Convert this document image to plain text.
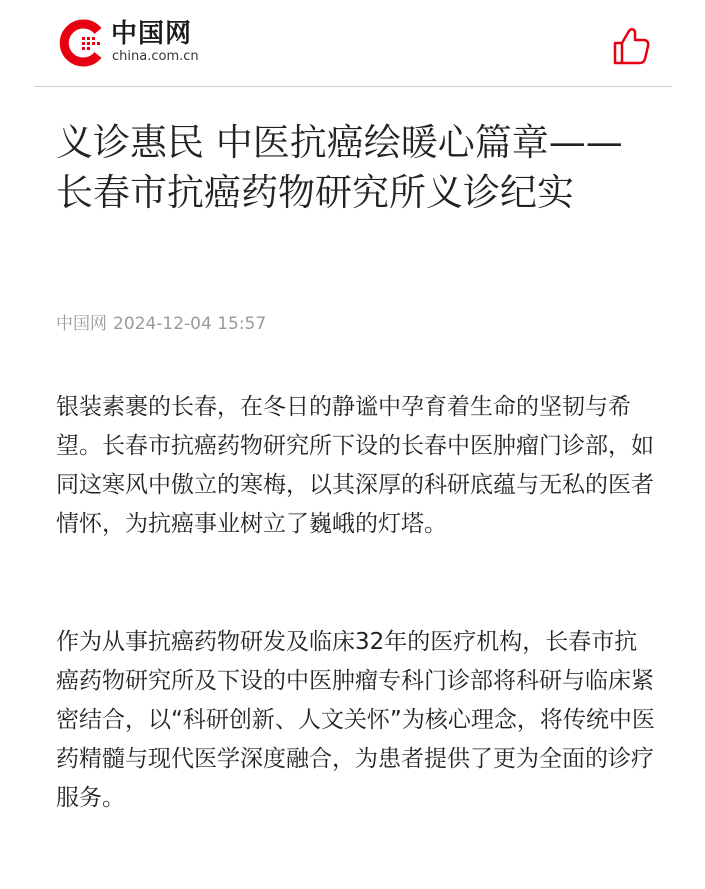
中国网
china.com.cn
义诊惠民 中医抗癌绘暖心篇章——长春市抗癌药物研究所义诊纪实
中国网 2024-12-04 15:57

银装素裹的长春，在冬日的静谧中孕育着生命的坚韧与希望。长春市抗癌药物研究所下设的长春中医肿瘤门诊部，如同这寒风中傲立的寒梅，以其深厚的科研底蕴与无私的医者情怀，为抗癌事业树立了巍峨的灯塔。

作为从事抗癌药物研发及临床32年的医疗机构，长春市抗癌药物研究所及下设的中医肿瘤专科门诊部将科研与临床紧密结合，以“科研创新、人文关怀”为核心理念，将传统中医药精髓与现代医学深度融合，为患者提供了更为全面的诊疗服务。
